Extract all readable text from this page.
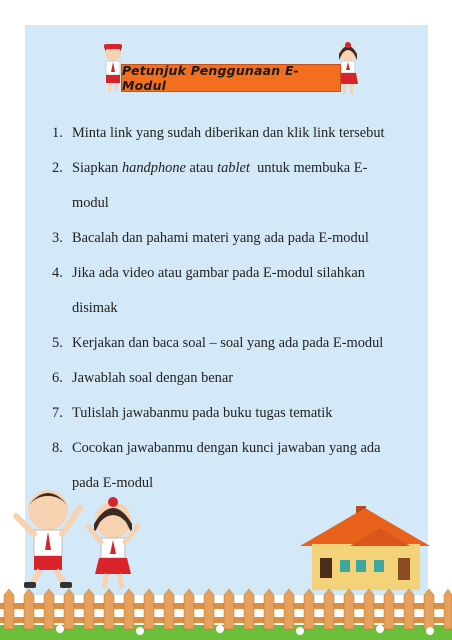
Petunjuk Penggunaan E-Modul
1. Minta link yang sudah diberikan dan klik link tersebut
2. Siapkan handphone atau tablet  untuk membuka E-
modul
3. Bacalah dan pahami materi yang ada pada E-modul
4. Jika ada video atau gambar pada E-modul silahkan
disimak
5. Kerjakan dan baca soal – soal yang ada pada E-modul
6. Jawablah soal dengan benar
7. Tulislah jawabanmu pada buku tugas tematik
8. Cocokan jawabanmu dengan kunci jawaban yang ada
pada E-modul
